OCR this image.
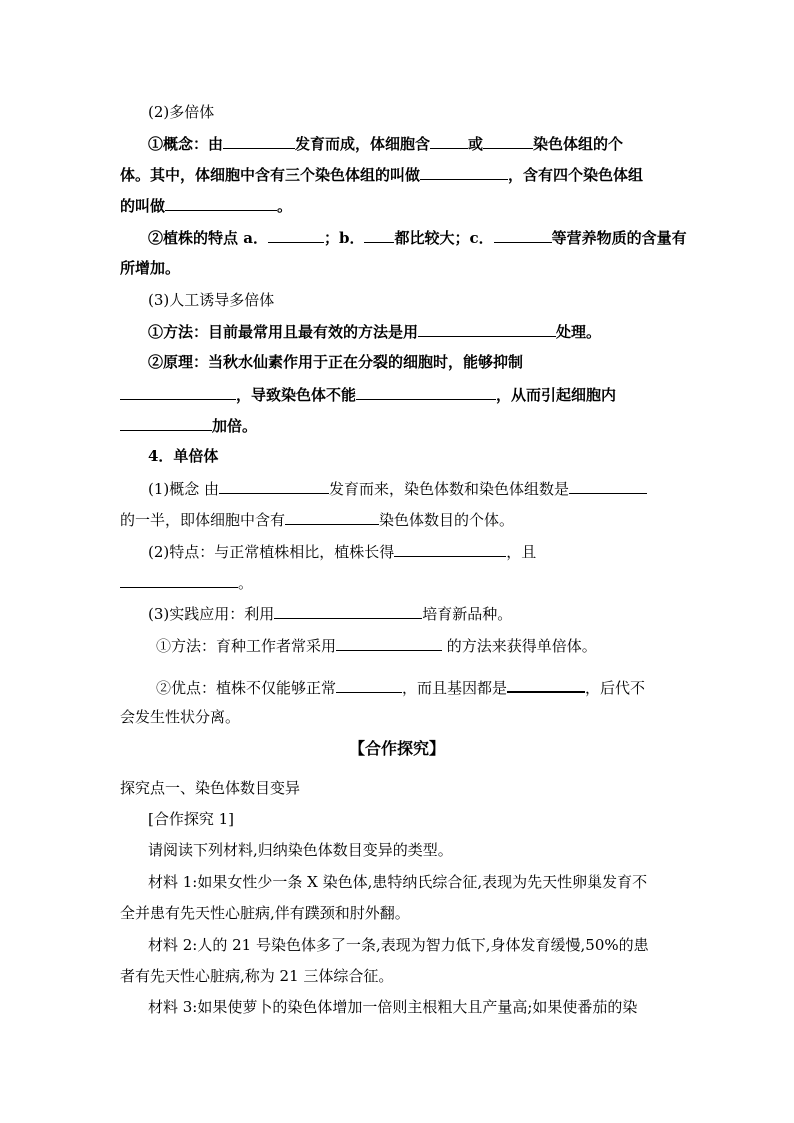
(2)多倍体
①概念：由	发育而成，体细胞含	或	染色体组的个
体。其中，体细胞中含有三个染色体组的叫做	，含有四个染色体组
的叫做	。
②植株的特点 a．	；b． 都比较大；c．	等营养物质的含量有
所增加。
(3)人工诱导多倍体
①方法：目前最常用且最有效的方法是用	处理。
②原理：当秋水仙素作用于正在分裂的细胞时，能够抑制
，导致染色体不能	，从而引起细胞内
加倍。
4．单倍体
(1)概念 由	发育而来，染色体数和染色体组数是
的一半，即体细胞中含有	染色体数目的个体。
(2)特点：与正常植株相比，植株长得	，且
。
(3)实践应用：利用	培育新品种。
①方法：育种工作者常采用	的方法来获得单倍体。
②优点：植株不仅能够正常	，而且基因都是	，后代不
会发生性状分离。
【合作探究】
探究点一、染色体数目变异
[合作探究 1]
请阅读下列材料,归纳染色体数目变异的类型。
材料 1:如果女性少一条 X 染色体,患特纳氏综合征,表现为先天性卵巢发育不
全并患有先天性心脏病,伴有蹼颈和肘外翻。
材料 2:人的 21 号染色体多了一条,表现为智力低下,身体发育缓慢,50%的患
者有先天性心脏病,称为 21 三体综合征。
材料 3:如果使萝卜的染色体增加一倍则主根粗大且产量高;如果使番茄的染
